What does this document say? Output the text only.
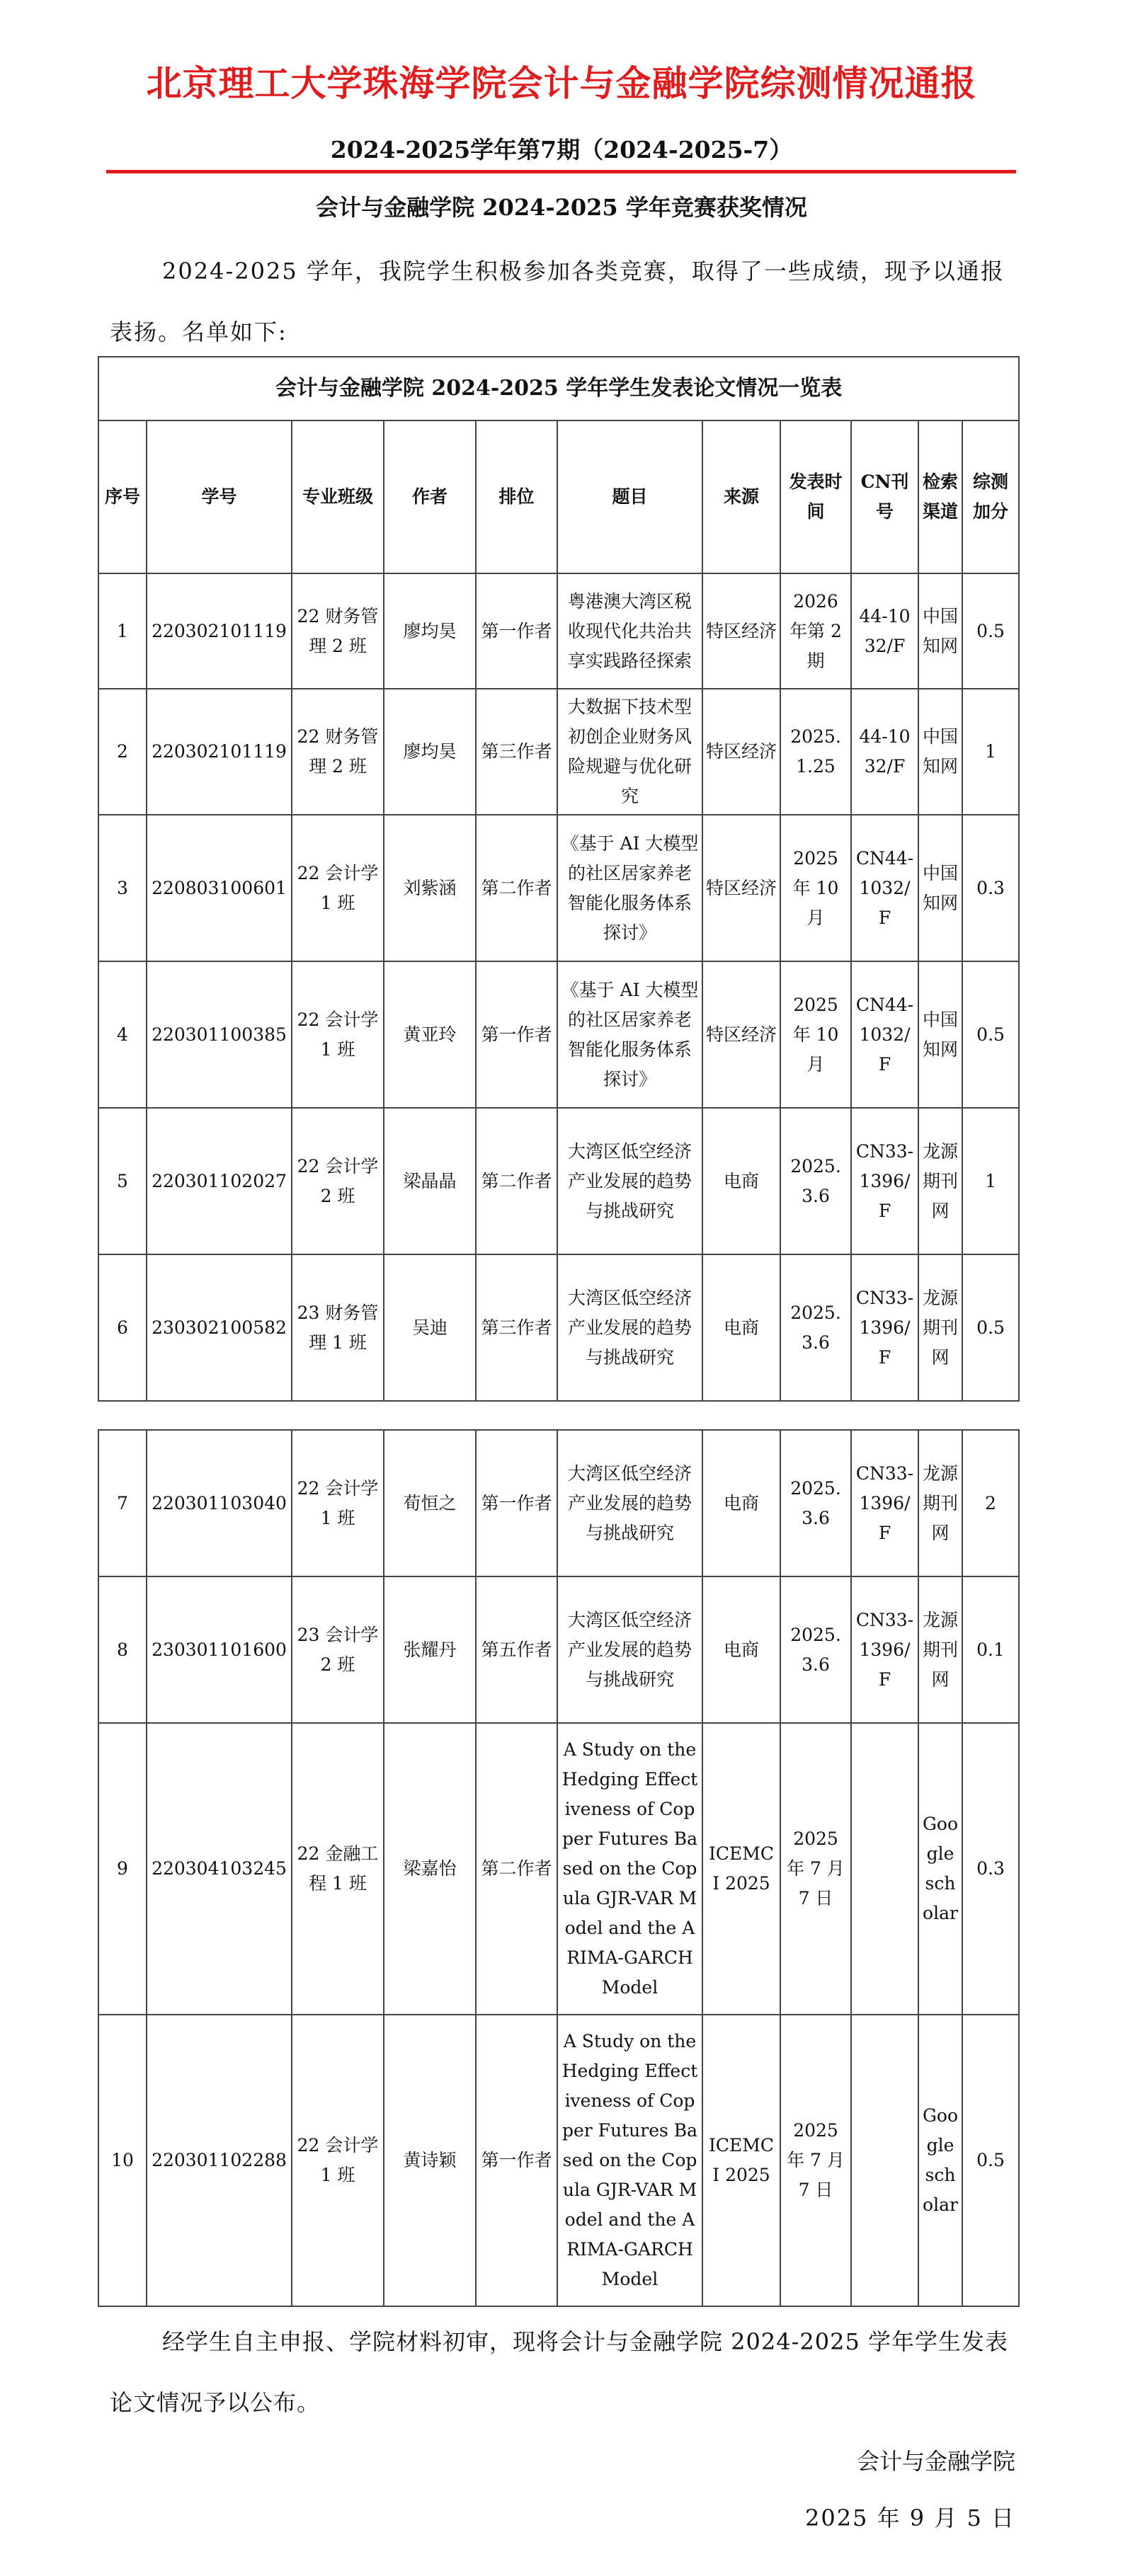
北京理工大学珠海学院会计与金融学院综测情况通报
2024-2025学年第7期（2024-2025-7）
会计与金融学院 2024-2025 学年竞赛获奖情况
2024-2025 学年，我院学生积极参加各类竞赛，取得了一些成绩，现予以通报表扬。名单如下:
会计与金融学院 2024-2025 学年学生发表论文情况一览表										
序号	学号	专业班级	作者	排位	题目	来源	发表时间	CN刊号	检索渠道	综测加分
1	220302101119	22 财务管理 2 班	廖均昊	第一作者	粤港澳大湾区税收现代化共治共享实践路径探索	特区经济	2026 年第 2 期	44-1032/F	中国知网	0.5
2	220302101119	22 财务管理 2 班	廖均昊	第三作者	大数据下技术型初创企业财务风险规避与优化研究	特区经济	2025.1.25	44-1032/F	中国知网	1
3	220803100601	22 会计学 1 班	刘紫涵	第二作者	《基于 AI 大模型的社区居家养老智能化服务体系探讨》	特区经济	2025 年 10 月	CN44-1032/F	中国知网	0.3
4	220301100385	22 会计学 1 班	黄亚玲	第一作者	《基于 AI 大模型的社区居家养老智能化服务体系探讨》	特区经济	2025 年 10 月	CN44-1032/F	中国知网	0.5
5	220301102027	22 会计学 2 班	梁晶晶	第二作者	大湾区低空经济产业发展的趋势与挑战研究	电商	2025.3.6	CN33-1396/F	龙源期刊网	1
6	230302100582	23 财务管理 1 班	吴迪	第三作者	大湾区低空经济产业发展的趋势与挑战研究	电商	2025.3.6	CN33-1396/F	龙源期刊网	0.5
7	220301103040	22 会计学 1 班	荀恒之	第一作者	大湾区低空经济产业发展的趋势与挑战研究	电商	2025.3.6	CN33-1396/F	龙源期刊网	2
8	230301101600	23 会计学 2 班	张耀丹	第五作者	大湾区低空经济产业发展的趋势与挑战研究	电商	2025.3.6	CN33-1396/F	龙源期刊网	0.1
9	220304103245	22 金融工程 1 班	梁嘉怡	第二作者	A Study on the Hedging Effectiveness of Copper Futures Based on the Copula GJR-VAR Model and the ARIMA-GARCH Model	ICEMCI 2025	2025 年 7 月 7 日		Google scholar	0.3
10	220301102288	22 会计学 1 班	黄诗颖	第一作者	A Study on the Hedging Effectiveness of Copper Futures Based on the Copula GJR-VAR Model and the ARIMA-GARCH Model	ICEMCI 2025	2025 年 7 月 7 日		Google scholar	0.5
经学生自主申报、学院材料初审，现将会计与金融学院 2024-2025 学年学生发表论文情况予以公布。
会计与金融学院
2025 年 9 月 5 日
